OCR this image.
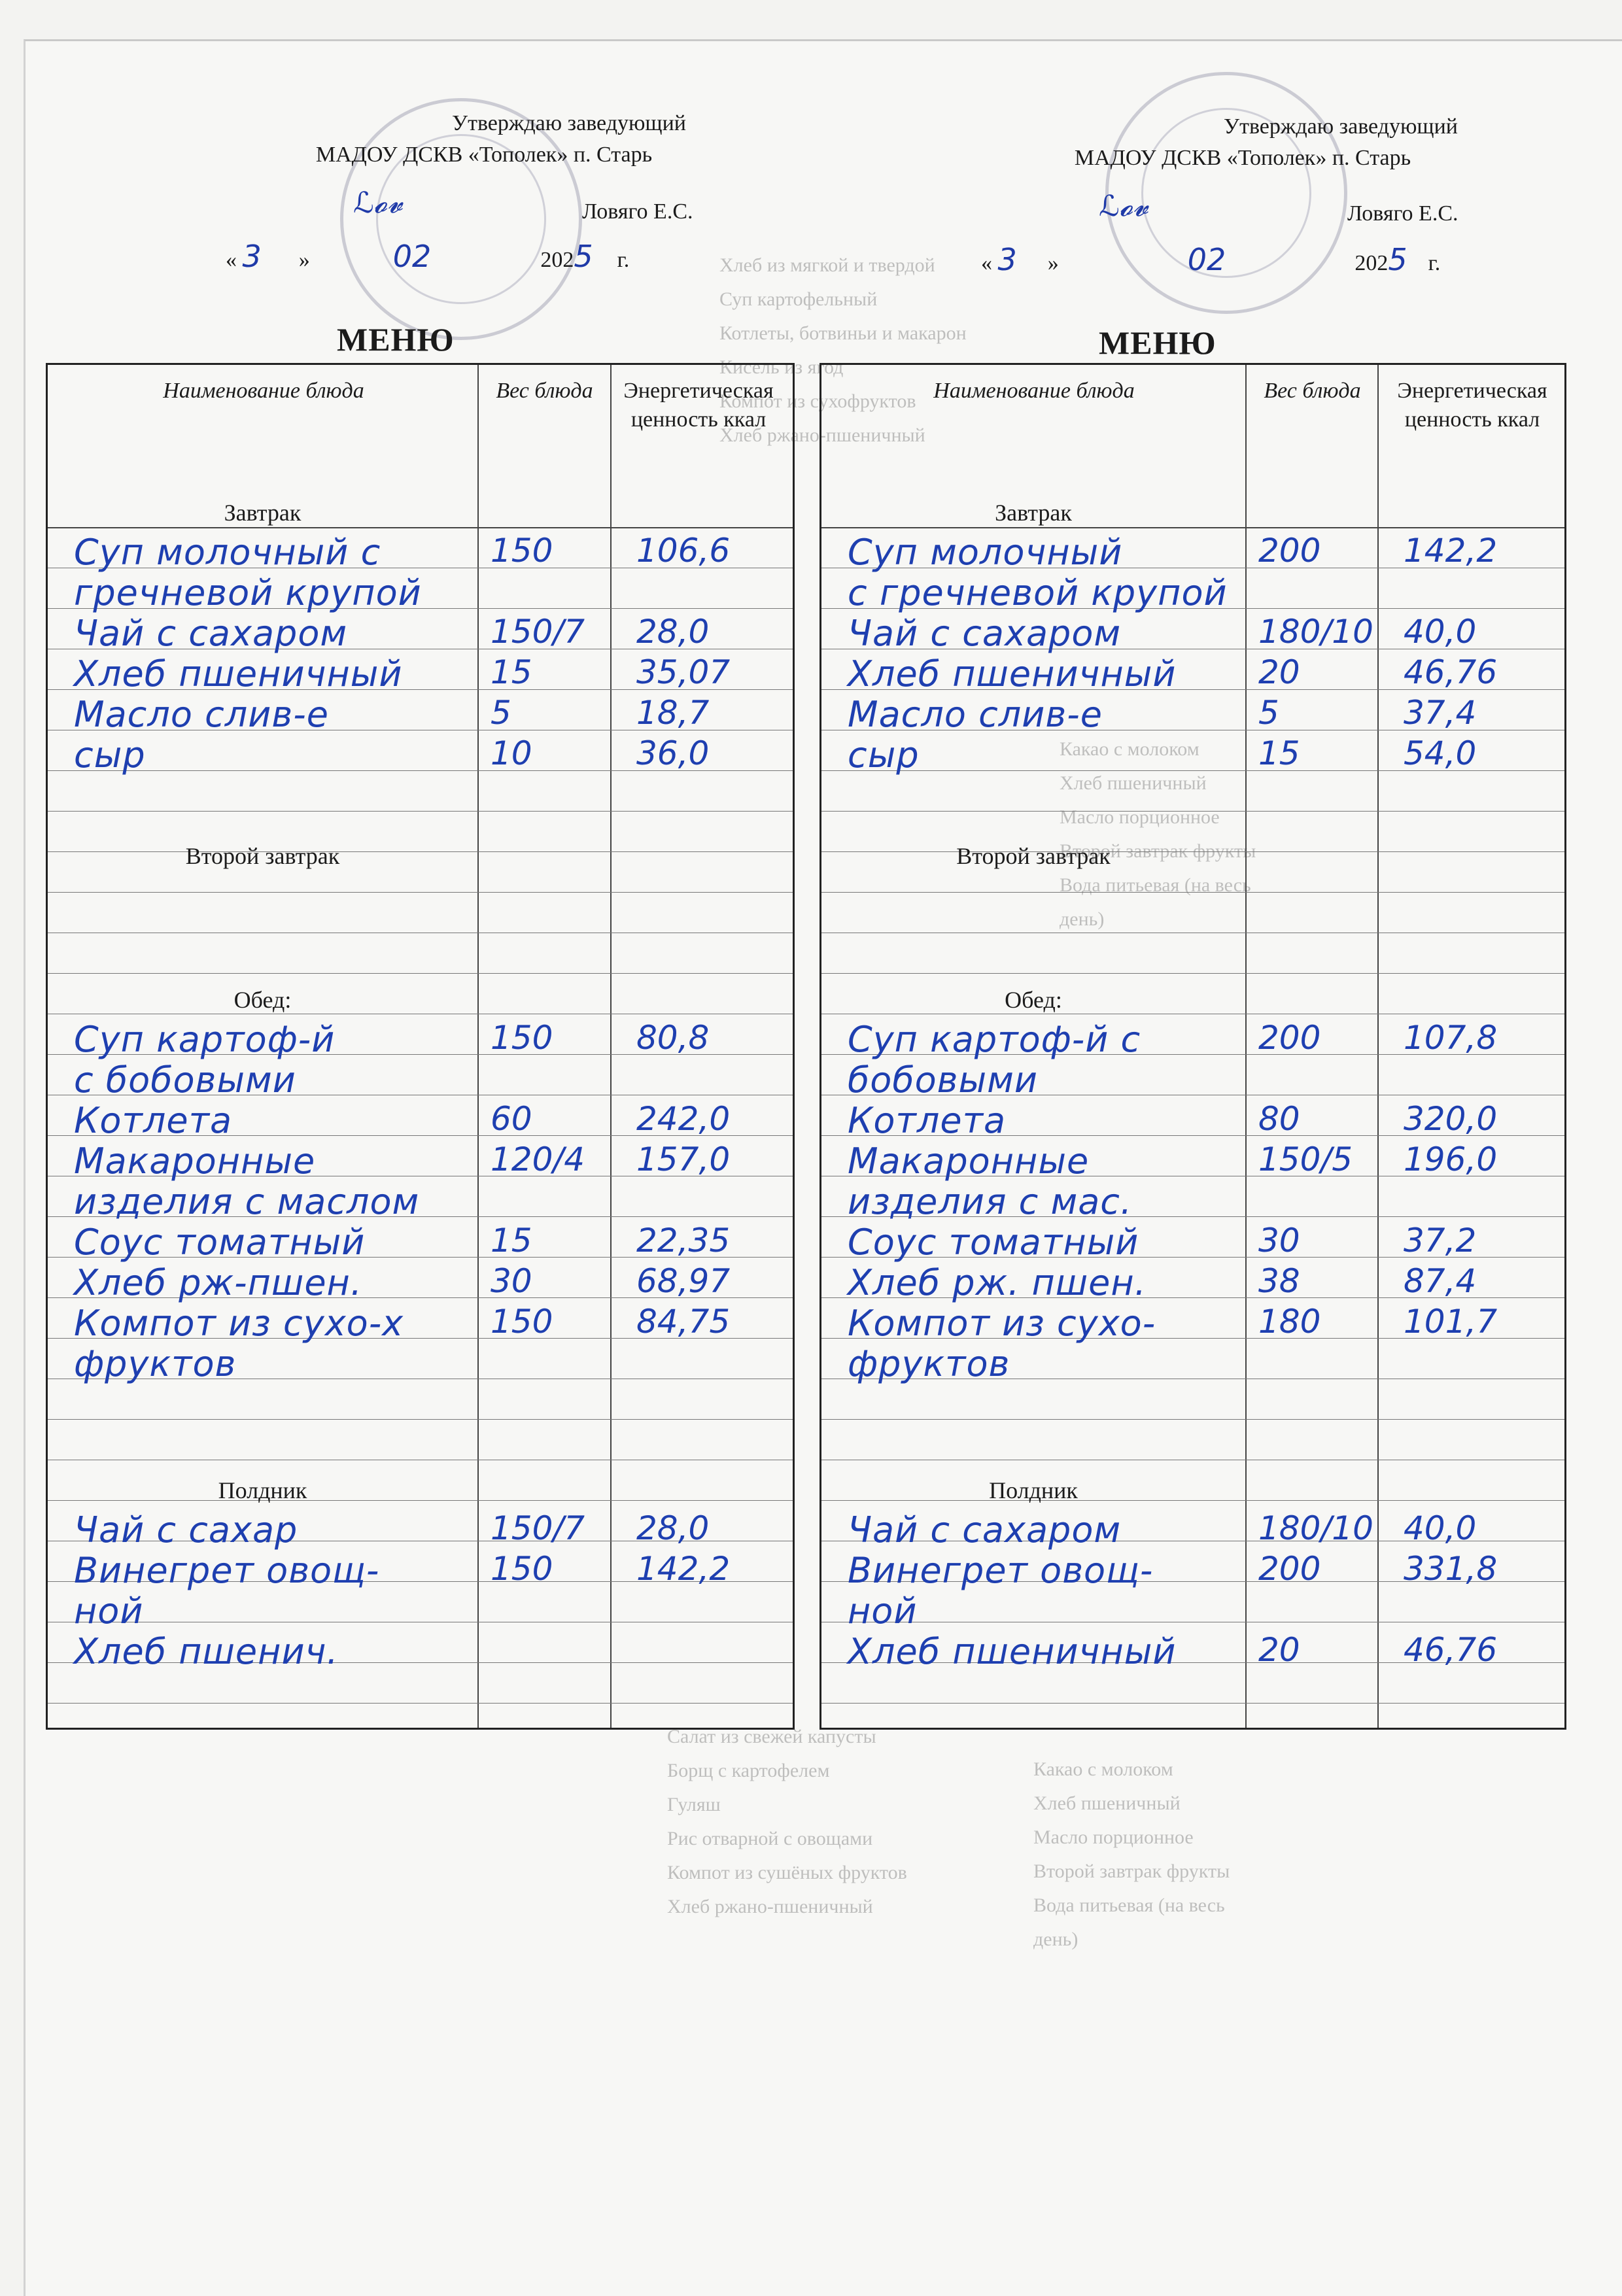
Хлеб из мягкой и твердой
Суп картофельный
Котлеты, ботвиньи и макарон
Кисель из ягод
Компот из сухофруктов
Хлеб ржано-пшеничный
Какао с молоком
Хлеб пшеничный
Масло порционное
Второй завтрак фрукты
Вода питьевая (на весь
день)
Какао с молоком
Хлеб пшеничный
Масло порционное
Второй завтрак фрукты
Вода питьевая (на весь
день)
Салат из свежей капусты
Борщ с картофелем
Гуляш
Рис отварной с овощами
Компот из сушёных фруктов
Хлеб ржано-пшеничный
Утверждаю заведующий
МАДОУ ДСКВ «Тополек» п. Старь
Ловяго Е.С.
ℒ𝓸𝓿
« 3 »	02	2025 г.
МЕНЮ
Утверждаю заведующий
МАДОУ ДСКВ «Тополек» п. Старь
Ловяго Е.С.
ℒ𝓸𝓿
« 3 »	02	2025 г.
МЕНЮ
Наименование блюда	Вес блюда	Энергетическая ценность ккал
Завтрак
Суп молочный с	150	106,6
гречневой крупой
Чай с сахаром	150/7 28,0
Хлеб пшеничный	15	35,07
Масло слив-е	5	18,7
сыр	10	36,0
Второй завтрак
Обед:
Суп картоф-й	150	80,8
с бобовыми
Котлета	60	242,0
Макаронные	120/4 157,0
изделия с маслом
Соус томатный	15	22,35
Хлеб рж-пшен.	30	68,97
Компот из сухо-х	150	84,75
фруктов
Полдник
Чай с сахар	150/7 28,0
Винегрет овощ-	150	142,2
ной
Хлеб пшенич.
Наименование блюда	Вес блюда	Энергетическая ценность ккал
Завтрак
Суп молочный	200	142,2
с гречневой крупой
Чай с сахаром	180/10 40,0
Хлеб пшеничный	20	46,76
Масло слив-е	5	37,4
сыр	15	54,0
Второй завтрак
Обед:
Суп картоф-й с	200	107,8
бобовыми
Котлета	80	320,0
Макаронные	150/5 196,0
изделия с мас.
Соус томатный	30	37,2
Хлеб рж. пшен.	38	87,4
Компот из сухо-	180	101,7
фруктов
Полдник
Чай с сахаром	180/10 40,0
Винегрет овощ-	200	331,8
ной
Хлеб пшеничный	20	46,76
